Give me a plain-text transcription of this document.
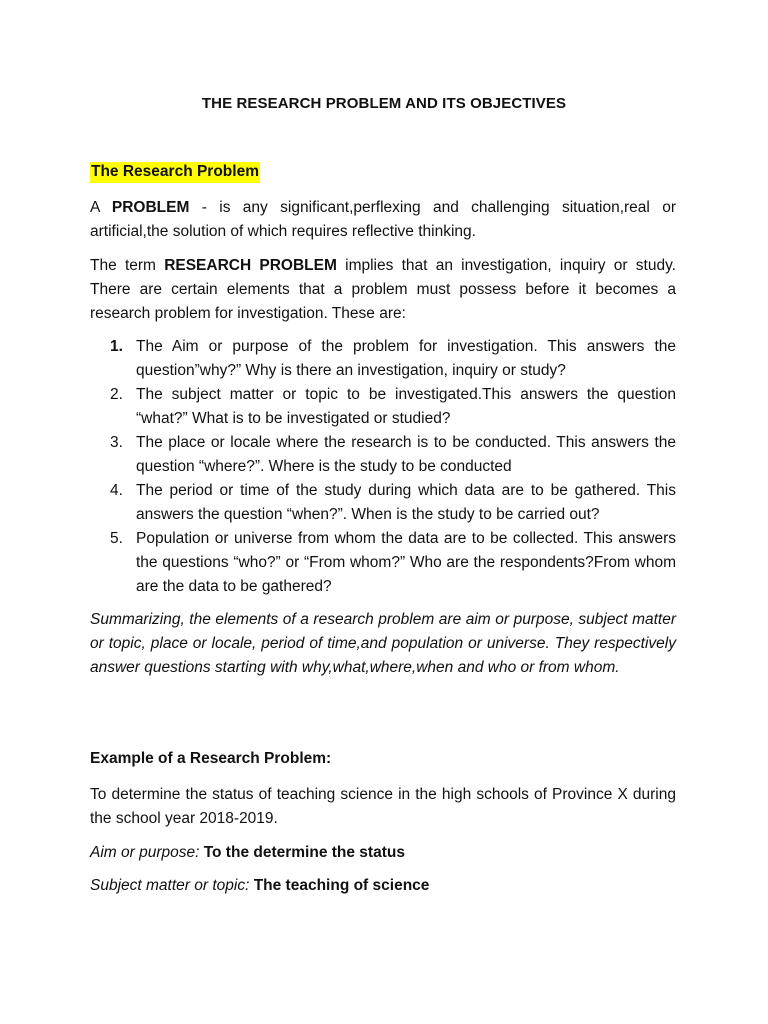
THE RESEARCH PROBLEM AND ITS OBJECTIVES
The Research Problem

A PROBLEM - is any significant,perflexing and challenging situation,real or artificial,the solution of which requires reflective thinking.

The term RESEARCH PROBLEM implies that an investigation, inquiry or study. There are certain elements that a problem must possess before it becomes a research problem for investigation. These are:

1. The Aim or purpose of the problem for investigation. This answers the question”why?” Why is there an investigation, inquiry or study?
2. The subject matter or topic to be investigated.This answers the question “what?” What is to be investigated or studied?
3. The place or locale where the research is to be conducted. This answers the question “where?”. Where is the study to be conducted
4. The period or time of the study during which data are to be gathered. This answers the question “when?”. When is the study to be carried out?
5. Population or universe from whom the data are to be collected. This answers the questions “who?” or “From whom?” Who are the respondents?From whom are the data to be gathered?

Summarizing, the elements of a research problem are aim or purpose, subject matter or topic, place or locale, period of time,and population or universe. They respectively answer questions starting with why,what,where,when and who or from whom.

Example of a Research Problem:

To determine the status of teaching science in the high schools of Province X during the school year 2018-2019.

Aim or purpose: To the determine the status
Subject matter or topic: The teaching of science
